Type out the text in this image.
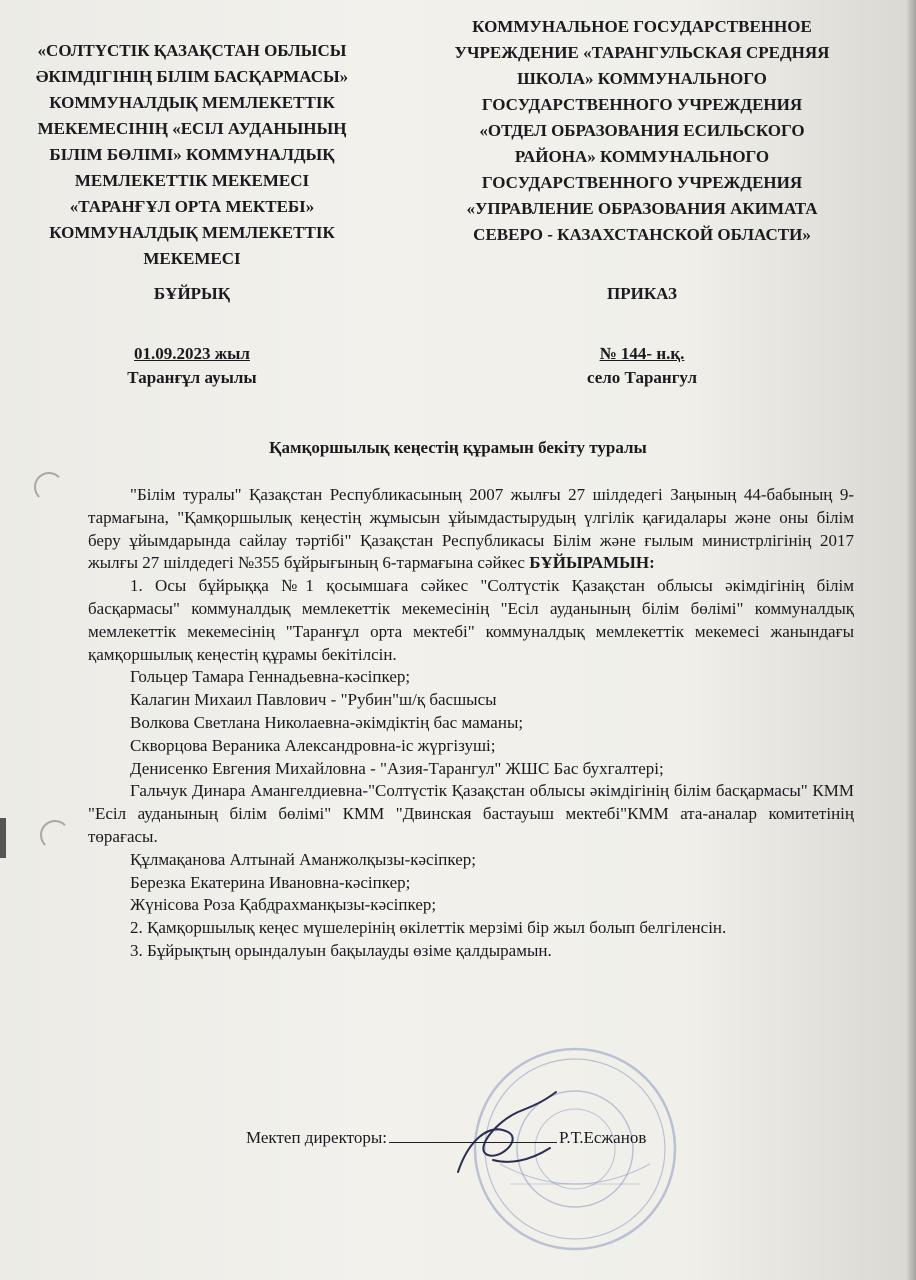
«СОЛТҮСТІК ҚАЗАҚСТАН ОБЛЫСЫ
ӘКІМДІГІНІҢ БІЛІМ БАСҚАРМАСЫ»
КОММУНАЛДЫҚ МЕМЛЕКЕТТІК
МЕКЕМЕСІНІҢ «ЕСІЛ АУДАНЫНЫҢ
БІЛІМ БӨЛІМІ» КОММУНАЛДЫҚ
МЕМЛЕКЕТТІК МЕКЕМЕСІ
«ТАРАНҒҰЛ ОРТА МЕКТЕБІ»
КОММУНАЛДЫҚ МЕМЛЕКЕТТІК
МЕКЕМЕСІ
КОММУНАЛЬНОЕ ГОСУДАРСТВЕННОЕ
УЧРЕЖДЕНИЕ «ТАРАНГУЛЬСКАЯ СРЕДНЯЯ
ШКОЛА» КОММУНАЛЬНОГО
ГОСУДАРСТВЕННОГО УЧРЕЖДЕНИЯ
«ОТДЕЛ ОБРАЗОВАНИЯ ЕСИЛЬСКОГО
РАЙОНА» КОММУНАЛЬНОГО
ГОСУДАРСТВЕННОГО УЧРЕЖДЕНИЯ
«УПРАВЛЕНИЕ ОБРАЗОВАНИЯ АКИМАТА
СЕВЕРО - КАЗАХСТАНСКОЙ ОБЛАСТИ»
БҰЙРЫҚ	ПРИКАЗ
01.09.2023 жыл
Таранғұл ауылы
№ 144- н.қ.
село Тарангул
Қамқоршылық кеңестің құрамын бекіту туралы

"Білім туралы" Қазақстан Республикасының 2007 жылғы 27 шілдедегі Заңының 44-бабының 9-тармағына, "Қамқоршылық кеңестің жұмысын ұйымдастырудың үлгілік қағидалары және оны білім беру ұйымдарында сайлау тәртібі" Қазақстан Республикасы Білім және ғылым министрлігінің 2017 жылғы 27 шілдедегі №355 бұйрығының 6-тармағына сәйкес БҰЙЫРАМЫН:

1. Осы бұйрыққа №1 қосымшаға сәйкес "Солтүстік Қазақстан облысы әкімдігінің білім басқармасы" коммуналдық мемлекеттік мекемесінің "Есіл ауданының білім бөлімі" коммуналдық мемлекеттік мекемесінің "Таранғұл орта мектебі" коммуналдық мемлекеттік мекемесі жанындағы қамқоршылық кеңестің құрамы бекітілсін.

Гольцер Тамара Геннадьевна-кәсіпкер;

Калагин Михаил Павлович - "Рубин"ш/қ басшысы

Волкова Светлана Николаевна-әкімдіктің бас маманы;

Скворцова Вераника Александровна-іс жүргізуші;

Денисенко Евгения Михайловна - "Азия-Тарангул" ЖШС Бас бухгалтері;

Гальчук Динара Амангелдиевна-"Солтүстік Қазақстан облысы әкімдігінің білім басқармасы" КММ "Есіл ауданының білім бөлімі" КММ "Двинская бастауыш мектебі"КММ ата-аналар комитетінің төрағасы.

Құлмақанова Алтынай Аманжолқызы-кәсіпкер;

Березка Екатерина Ивановна-кәсіпкер;

Жүнісова Роза Қабдрахманқызы-кәсіпкер;

2. Қамқоршылық кеңес мүшелерінің өкілеттік мерзімі бір жыл болып белгіленсін.

3. Бұйрықтың орындалуын бақылауды өзіме қалдырамын.

Мектеп директоры:	Р.Т.Есжанов
